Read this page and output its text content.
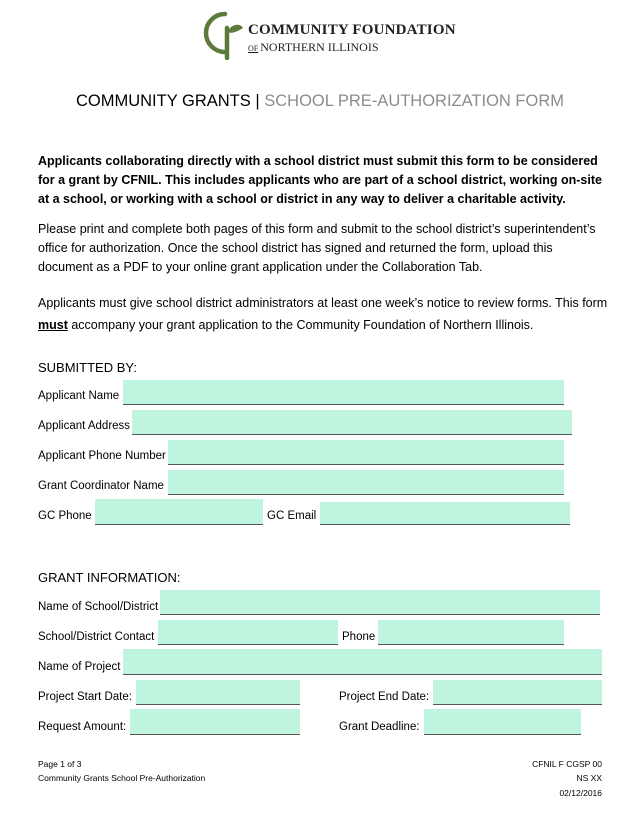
COMMUNITY FOUNDATION
OF NORTHERN ILLINOIS
COMMUNITY GRANTS | SCHOOL PRE-AUTHORIZATION FORM
Applicants collaborating directly with a school district must submit this form to be considered for a grant by CFNIL. This includes applicants who are part of a school district, working on-site at a school, or working with a school or district in any way to deliver a charitable activity.
Please print and complete both pages of this form and submit to the school district’s superintendent’s office for authorization. Once the school district has signed and returned the form, upload this document as a PDF to your online grant application under the Collaboration Tab.
Applicants must give school district administrators at least one week’s notice to review forms. This form must accompany your grant application to the Community Foundation of Northern Illinois.
SUBMITTED BY:
Applicant Name
Applicant Address
Applicant Phone Number
Grant Coordinator Name
GC Phone	GC Email
GRANT INFORMATION:
Name of School/District
School/District Contact	Phone
Name of Project
Project Start Date:	Project End Date:
Request Amount:	Grant Deadline:
Page 1 of 3
Community Grants School Pre-Authorization
CFNIL F CGSP 00
NS XX
02/12/2016
